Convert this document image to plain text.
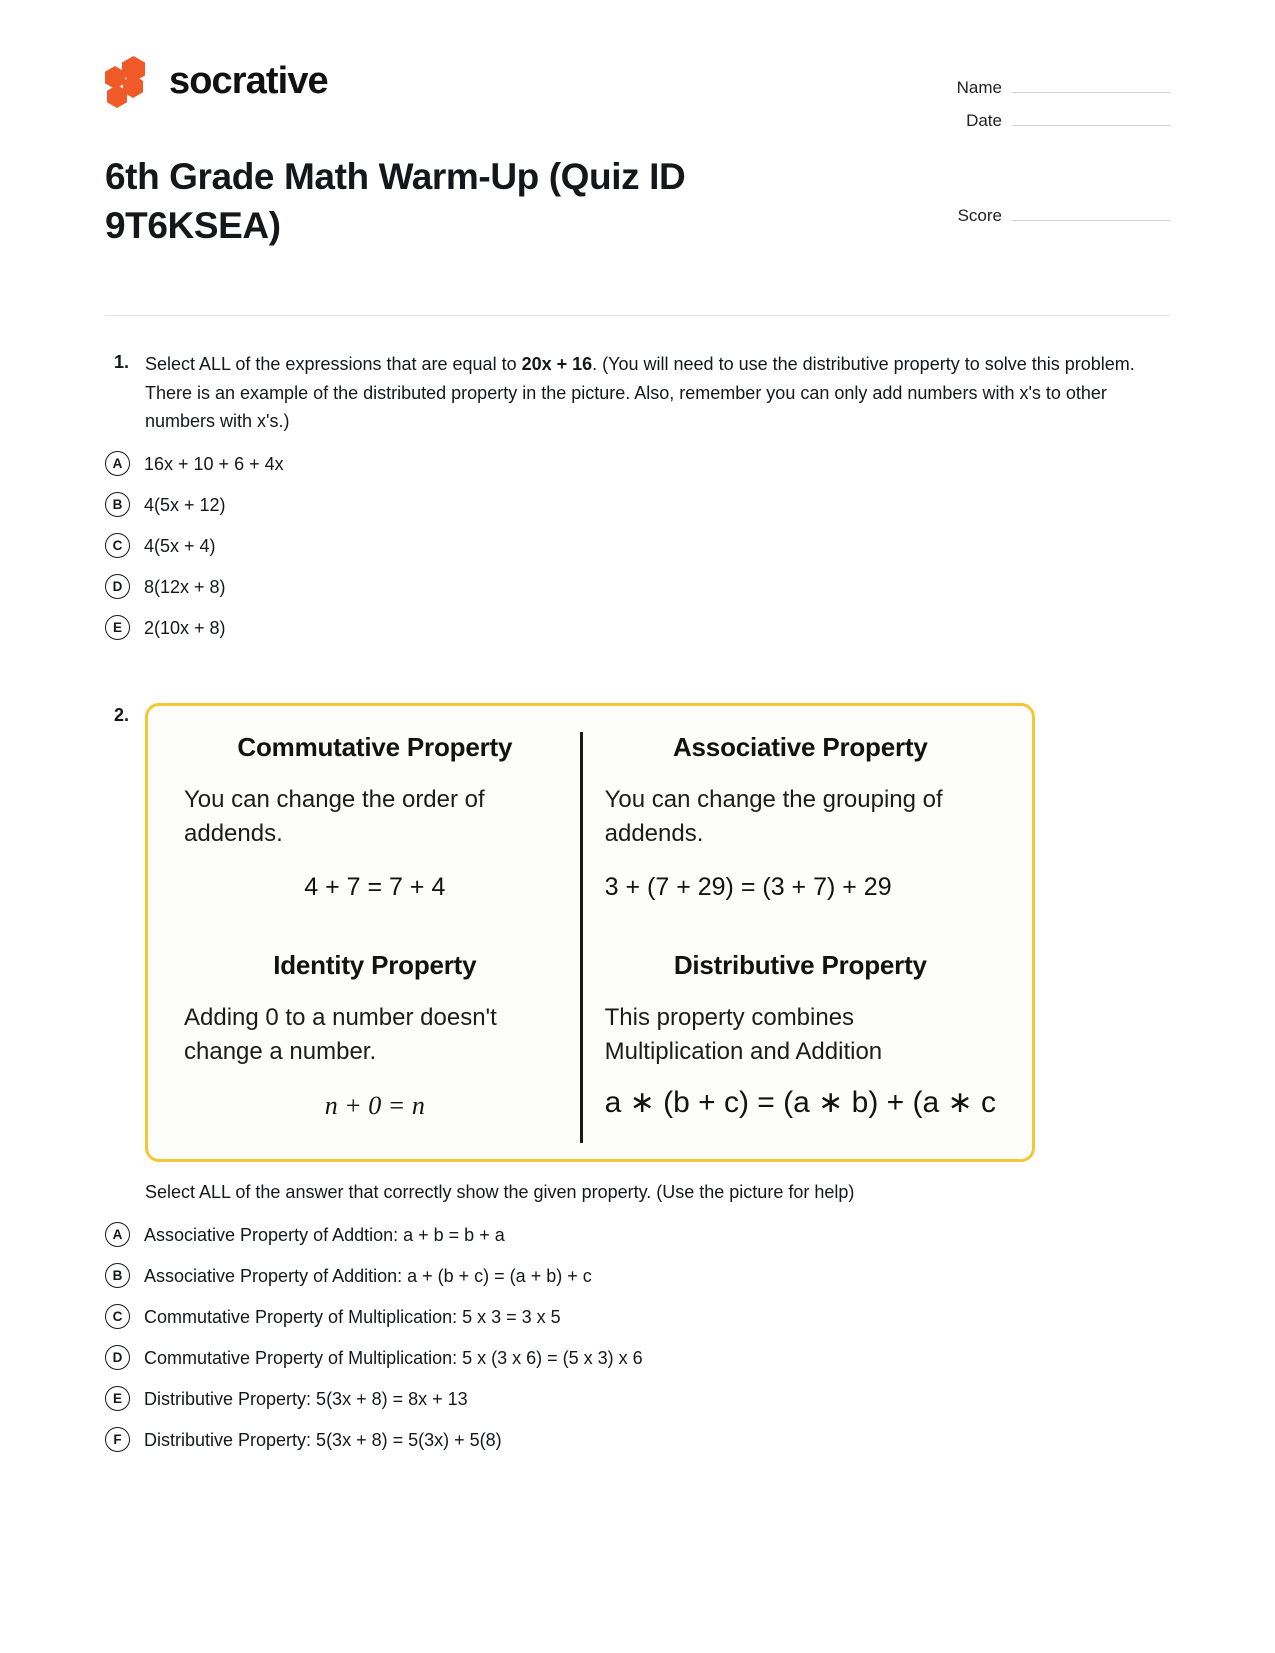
socrative
6th Grade Math Warm-Up (Quiz ID 9T6KSEA)
Name
Date
Score
1. Select ALL of the expressions that are equal to 20x + 16. (You will need to use the distributive property to solve this problem. There is an example of the distributed property in the picture. Also, remember you can only add numbers with x's to other numbers with x's.)
A	16x + 10 + 6 + 4x
B	4(5x + 12)
C	4(5x + 4)
D	8(12x + 8)
E	2(10x + 8)
2.
Commutative Property
You can change the order of addends.
4 + 7 = 7 + 4
Associative Property
You can change the grouping of addends.
3 + (7 + 29) = (3 + 7) + 29
Identity Property
Adding 0 to a number doesn't change a number.
n + 0 = n
Distributive Property
This property combines Multiplication and Addition
a ∗ (b + c) = (a ∗ b) + (a ∗ c
Select ALL of the answer that correctly show the given property. (Use the picture for help)
A	Associative Property of Addtion: a + b = b + a
B	Associative Property of Addition: a + (b + c) = (a + b) + c
C	Commutative Property of Multiplication: 5 x 3 = 3 x 5
D	Commutative Property of Multiplication: 5 x (3 x 6) = (5 x 3) x 6
E	Distributive Property: 5(3x + 8) = 8x + 13
F	Distributive Property: 5(3x + 8) = 5(3x) + 5(8)
